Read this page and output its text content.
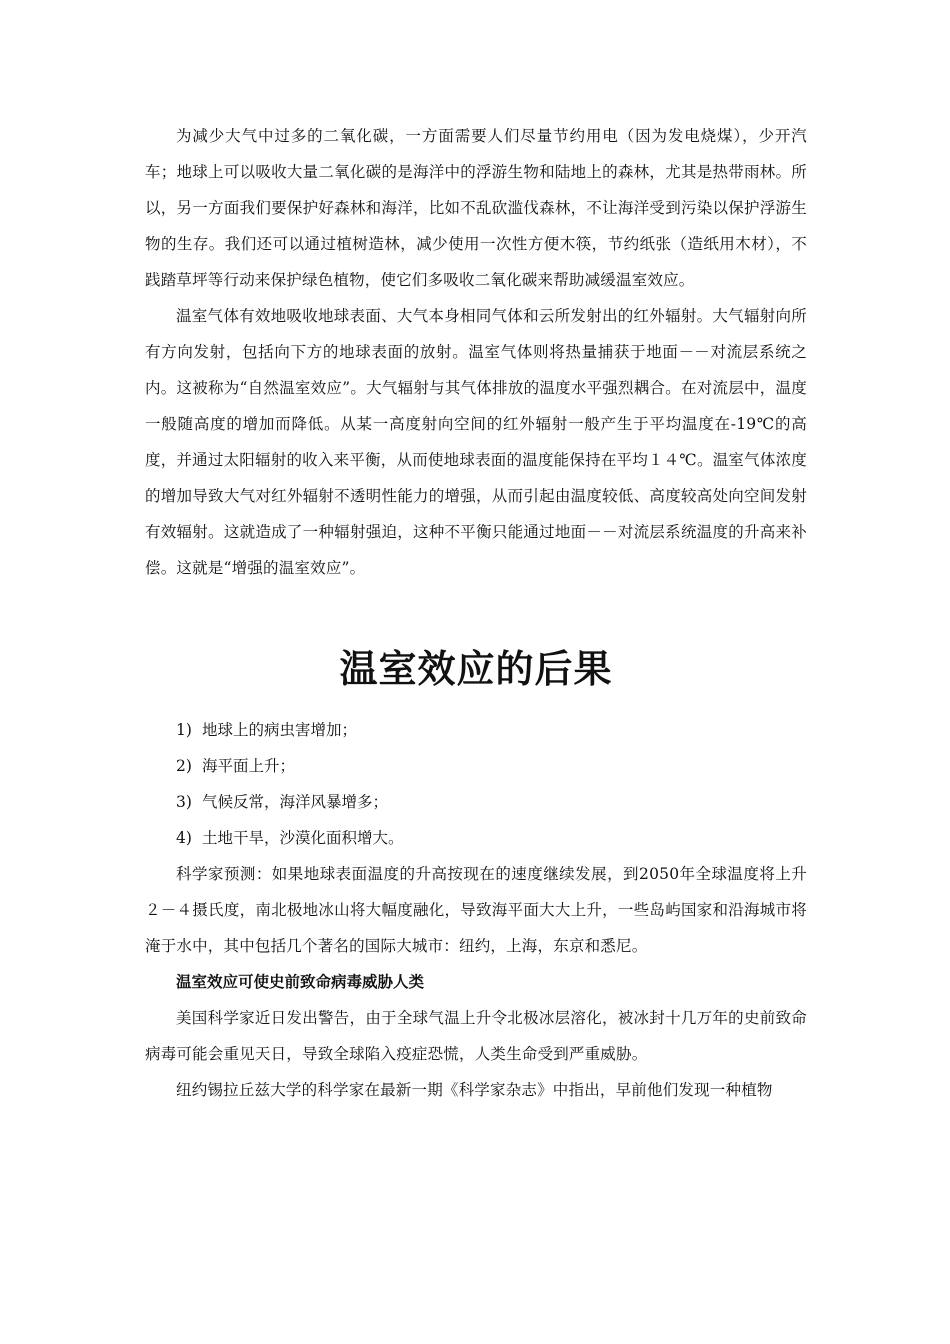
为减少大气中过多的二氧化碳，一方面需要人们尽量节约用电（因为发电烧煤），少开汽车；地球上可以吸收大量二氧化碳的是海洋中的浮游生物和陆地上的森林，尤其是热带雨林。所以，另一方面我们要保护好森林和海洋，比如不乱砍滥伐森林，不让海洋受到污染以保护浮游生物的生存。我们还可以通过植树造林，减少使用一次性方便木筷，节约纸张（造纸用木材），不践踏草坪等行动来保护绿色植物，使它们多吸收二氧化碳来帮助减缓温室效应。

温室气体有效地吸收地球表面、大气本身相同气体和云所发射出的红外辐射。大气辐射向所有方向发射，包括向下方的地球表面的放射。温室气体则将热量捕获于地面－－对流层系统之内。这被称为“自然温室效应”。大气辐射与其气体排放的温度水平强烈耦合。在对流层中，温度一般随高度的增加而降低。从某一高度射向空间的红外辐射一般产生于平均温度在-19℃的高度，并通过太阳辐射的收入来平衡，从而使地球表面的温度能保持在平均１４℃。温室气体浓度的增加导致大气对红外辐射不透明性能力的增强，从而引起由温度较低、高度较高处向空间发射有效辐射。这就造成了一种辐射强迫，这种不平衡只能通过地面－－对流层系统温度的升高来补偿。这就是“增强的温室效应”。

温室效应的后果
1) 地球上的病虫害增加；
2) 海平面上升；
3) 气候反常，海洋风暴增多；
4) 土地干旱，沙漠化面积增大。

科学家预测：如果地球表面温度的升高按现在的速度继续发展，到2050年全球温度将上升２－４摄氏度，南北极地冰山将大幅度融化，导致海平面大大上升，一些岛屿国家和沿海城市将淹于水中，其中包括几个著名的国际大城市：纽约，上海，东京和悉尼。

温室效应可使史前致命病毒威胁人类

美国科学家近日发出警告，由于全球气温上升令北极冰层溶化，被冰封十几万年的史前致命病毒可能会重见天日，导致全球陷入疫症恐慌，人类生命受到严重威胁。

纽约锡拉丘兹大学的科学家在最新一期《科学家杂志》中指出，早前他们发现一种植物
